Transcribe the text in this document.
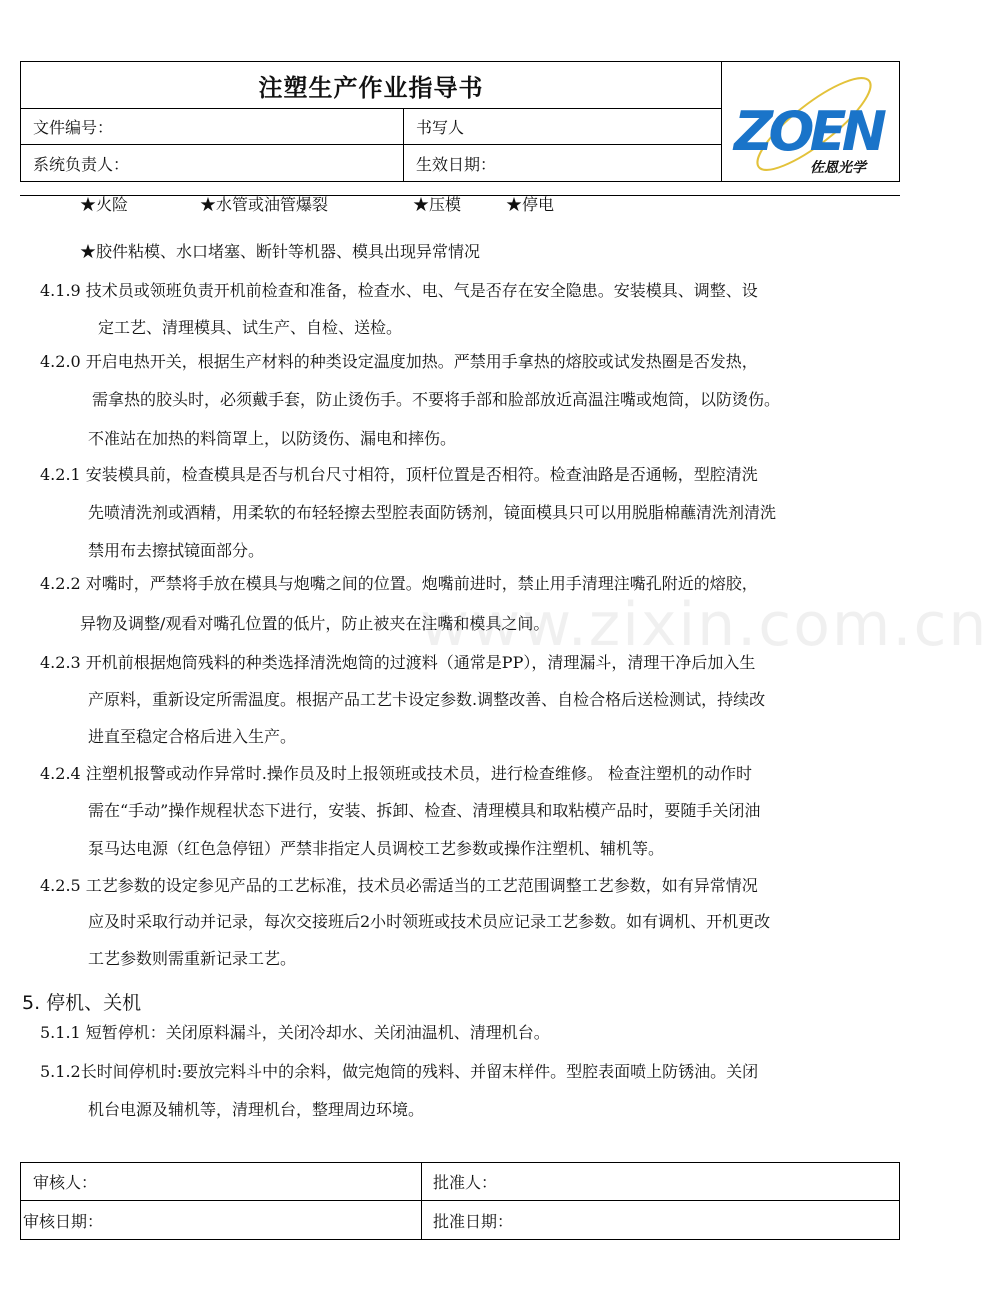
注塑生产作业指导书
文件编号：	书写人
系统负责人：	生效日期：
ZOEN
佐恩光学
★火险	★水管或油管爆裂	★压模	★停电
★胶件粘模、水口堵塞、断针等机器、模具出现异常情况
4.1.9 技术员或领班负责开机前检查和准备，检查水、电、气是否存在安全隐患。安装模具、调整、设
定工艺、清理模具、试生产、自检、送检。
4.2.0 开启电热开关，根据生产材料的种类设定温度加热。严禁用手拿热的熔胶或试发热圈是否发热，
需拿热的胶头时，必须戴手套，防止烫伤手。不要将手部和脸部放近高温注嘴或炮筒，以防烫伤。
不准站在加热的料筒罩上，以防烫伤、漏电和摔伤。
4.2.1 安装模具前，检查模具是否与机台尺寸相符，顶杆位置是否相符。检查油路是否通畅，型腔清洗
先喷清洗剂或酒精，用柔软的布轻轻擦去型腔表面防锈剂，镜面模具只可以用脱脂棉蘸清洗剂清洗
禁用布去擦拭镜面部分。
4.2.2 对嘴时，严禁将手放在模具与炮嘴之间的位置。炮嘴前进时，禁止用手清理注嘴孔附近的熔胶，
异物及调整/观看对嘴孔位置的低片，防止被夹在注嘴和模具之间。
4.2.3 开机前根据炮筒残料的种类选择清洗炮筒的过渡料（通常是PP），清理漏斗，清理干净后加入生
产原料，重新设定所需温度。根据产品工艺卡设定参数.调整改善、自检合格后送检测试，持续改
进直至稳定合格后进入生产。
4.2.4 注塑机报警或动作异常时.操作员及时上报领班或技术员，进行检查维修。 检查注塑机的动作时
需在“手动”操作规程状态下进行，安装、拆卸、检查、清理模具和取粘模产品时，要随手关闭油
泵马达电源（红色急停钮）严禁非指定人员调校工艺参数或操作注塑机、辅机等。
4.2.5 工艺参数的设定参见产品的工艺标准，技术员必需适当的工艺范围调整工艺参数，如有异常情况
应及时采取行动并记录，每次交接班后2小时领班或技术员应记录工艺参数。如有调机、开机更改
工艺参数则需重新记录工艺。
5. 停机、关机
5.1.1 短暂停机：关闭原料漏斗，关闭冷却水、关闭油温机、清理机台。
5.1.2长时间停机时:要放完料斗中的余料，做完炮筒的残料、并留末样件。型腔表面喷上防锈油。关闭
机台电源及辅机等，清理机台，整理周边环境。
www.zixin.com.cn
审核人：	批准人：
审核日期：	批准日期：
